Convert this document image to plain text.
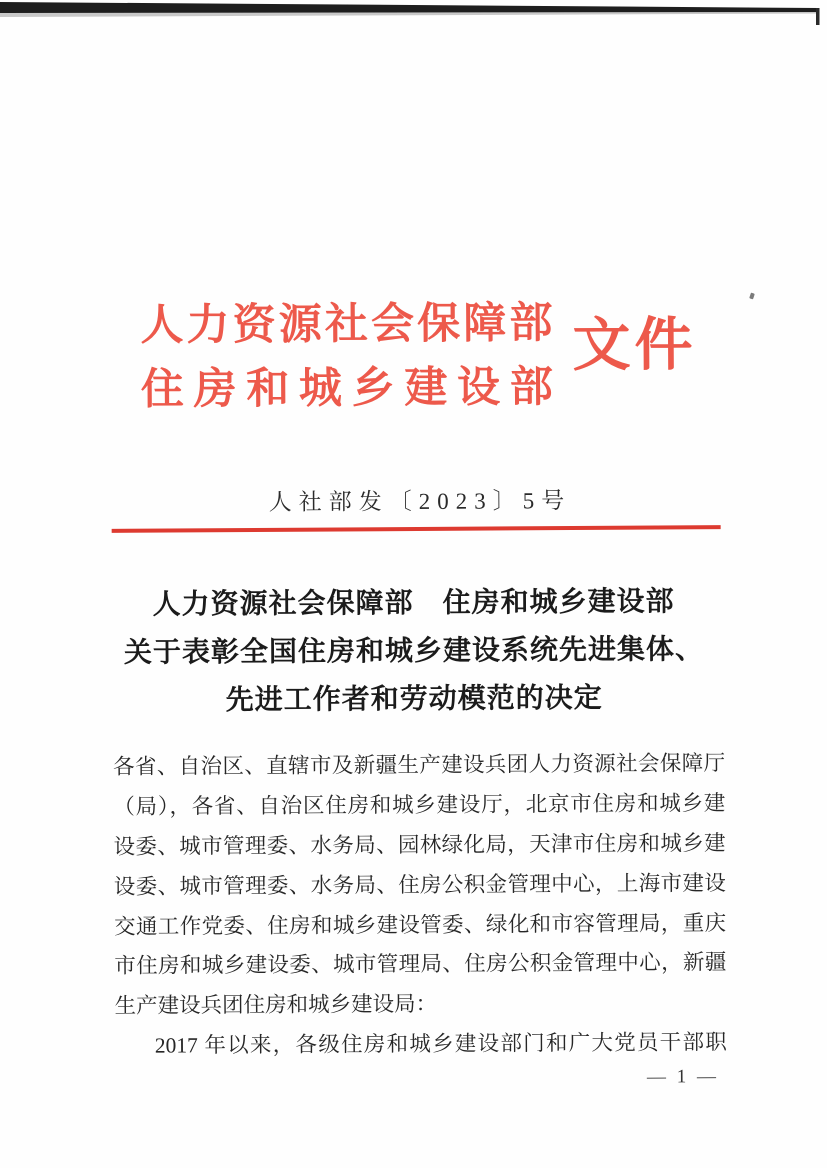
人力资源社会保障部
住房和城乡建设部
文件
人社部发〔2023〕5号
人力资源社会保障部　住房和城乡建设部
关于表彰全国住房和城乡建设系统先进集体、
先进工作者和劳动模范的决定
各省、自治区、直辖市及新疆生产建设兵团人力资源社会保障厅
（局），各省、自治区住房和城乡建设厅，北京市住房和城乡建
设委、城市管理委、水务局、园林绿化局，天津市住房和城乡建
设委、城市管理委、水务局、住房公积金管理中心，上海市建设
交通工作党委、住房和城乡建设管委、绿化和市容管理局，重庆
市住房和城乡建设委、城市管理局、住房公积金管理中心，新疆
生产建设兵团住房和城乡建设局：
2017 年以来，各级住房和城乡建设部门和广大党员干部职
— 1 —
